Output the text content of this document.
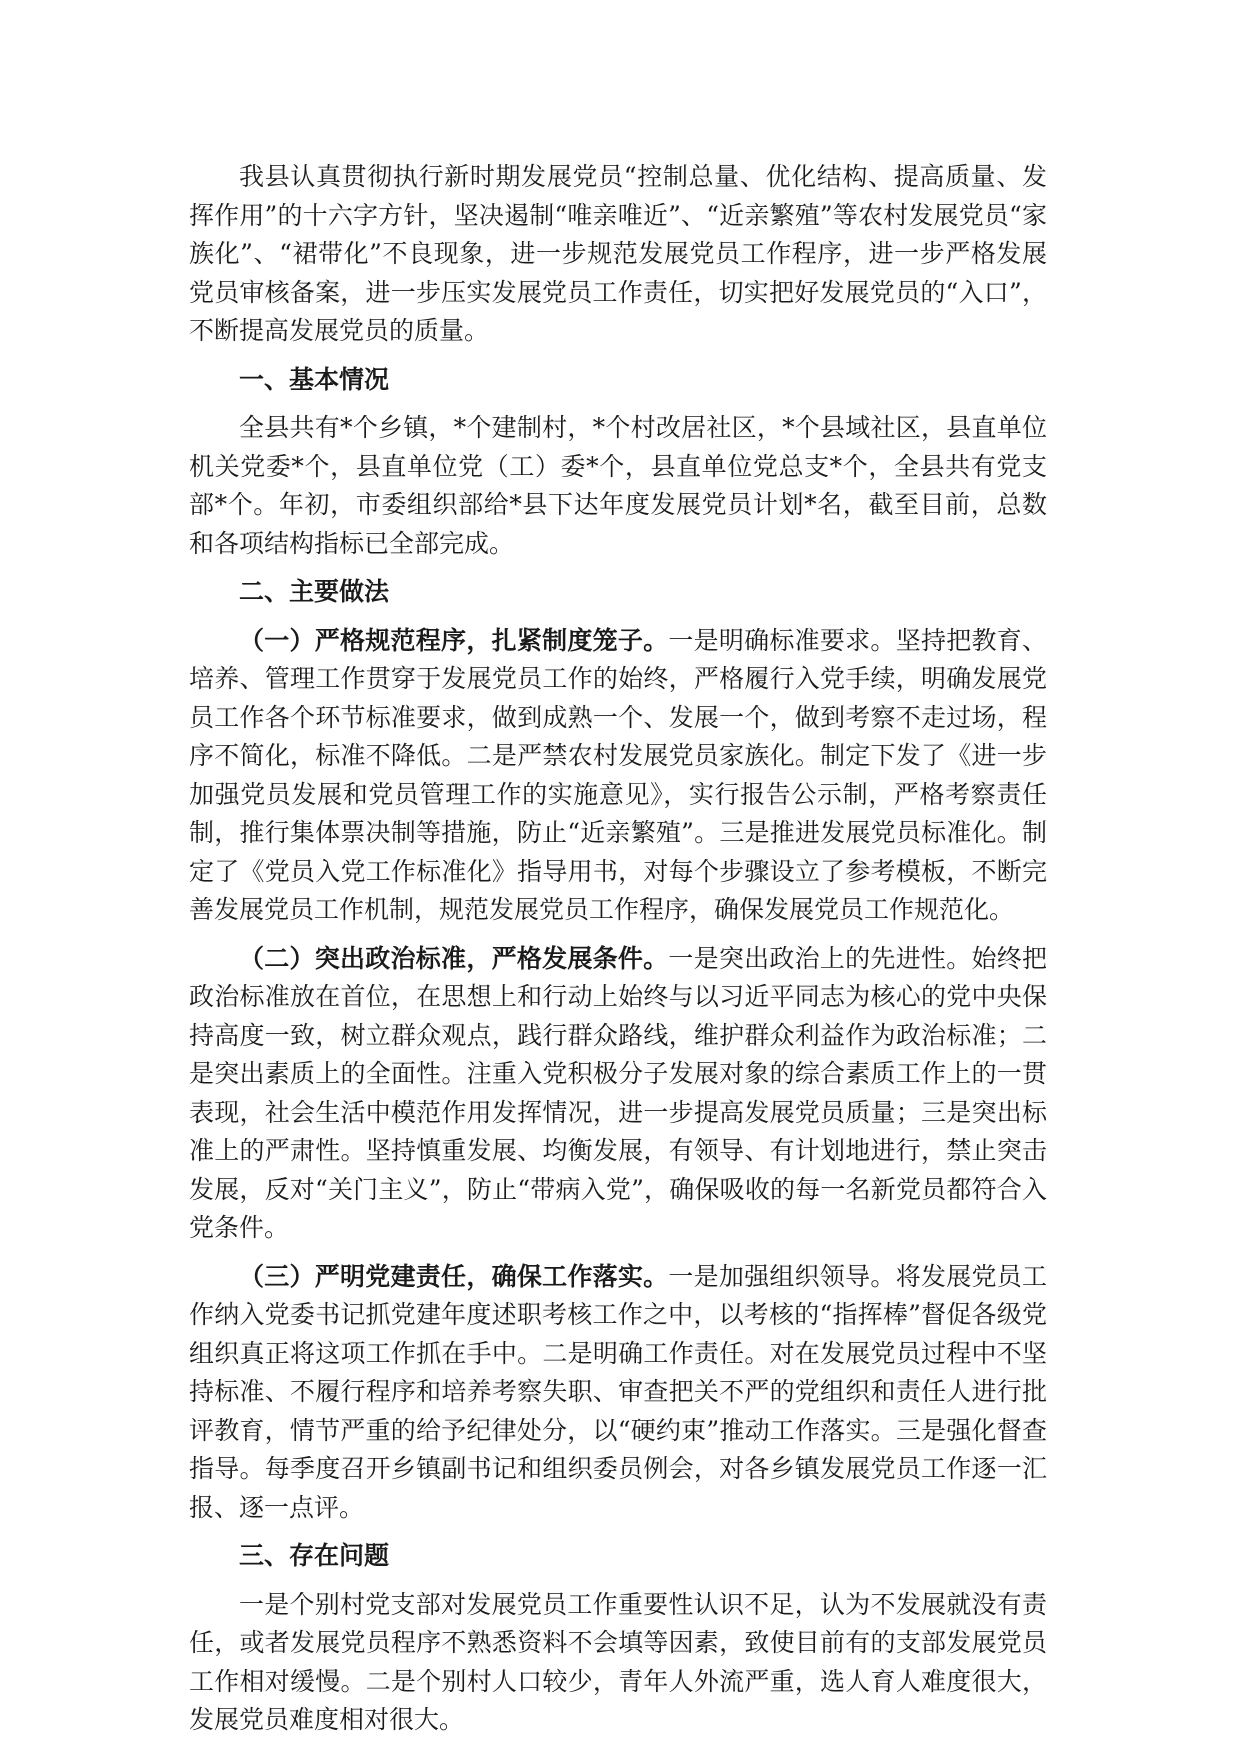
我县认真贯彻执行新时期发展党员“控制总量、优化结构、提高质量、发挥作用”的十六字方针，坚决遏制“唯亲唯近”、“近亲繁殖”等农村发展党员“家族化”、“裙带化”不良现象，进一步规范发展党员工作程序，进一步严格发展党员审核备案，进一步压实发展党员工作责任，切实把好发展党员的“入口”，不断提高发展党员的质量。

一、基本情况

全县共有*个乡镇，*个建制村，*个村改居社区，*个县域社区，县直单位机关党委*个，县直单位党（工）委*个，县直单位党总支*个，全县共有党支部*个。年初，市委组织部给*县下达年度发展党员计划*名，截至目前，总数和各项结构指标已全部完成。

二、主要做法

（一）严格规范程序，扎紧制度笼子。一是明确标准要求。坚持把教育、培养、管理工作贯穿于发展党员工作的始终，严格履行入党手续，明确发展党员工作各个环节标准要求，做到成熟一个、发展一个，做到考察不走过场，程序不简化，标准不降低。二是严禁农村发展党员家族化。制定下发了《进一步加强党员发展和党员管理工作的实施意见》，实行报告公示制，严格考察责任制，推行集体票决制等措施，防止“近亲繁殖”。三是推进发展党员标准化。制定了《党员入党工作标准化》指导用书，对每个步骤设立了参考模板，不断完善发展党员工作机制，规范发展党员工作程序，确保发展党员工作规范化。

（二）突出政治标准，严格发展条件。一是突出政治上的先进性。始终把政治标准放在首位，在思想上和行动上始终与以习近平同志为核心的党中央保持高度一致，树立群众观点，践行群众路线，维护群众利益作为政治标准；二是突出素质上的全面性。注重入党积极分子发展对象的综合素质工作上的一贯表现，社会生活中模范作用发挥情况，进一步提高发展党员质量；三是突出标准上的严肃性。坚持慎重发展、均衡发展，有领导、有计划地进行，禁止突击发展，反对“关门主义”，防止“带病入党”，确保吸收的每一名新党员都符合入党条件。

（三）严明党建责任，确保工作落实。一是加强组织领导。将发展党员工作纳入党委书记抓党建年度述职考核工作之中，以考核的“指挥棒”督促各级党组织真正将这项工作抓在手中。二是明确工作责任。对在发展党员过程中不坚持标准、不履行程序和培养考察失职、审查把关不严的党组织和责任人进行批评教育，情节严重的给予纪律处分，以“硬约束”推动工作落实。三是强化督查指导。每季度召开乡镇副书记和组织委员例会，对各乡镇发展党员工作逐一汇报、逐一点评。

三、存在问题

一是个别村党支部对发展党员工作重要性认识不足，认为不发展就没有责任，或者发展党员程序不熟悉资料不会填等因素，致使目前有的支部发展党员工作相对缓慢。二是个别村人口较少，青年人外流严重，选人育人难度很大，发展党员难度相对很大。
